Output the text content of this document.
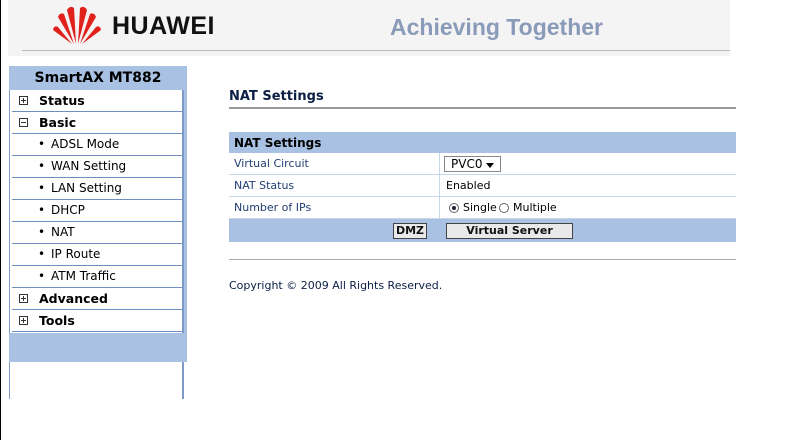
HUAWEI	Achieving Together
SmartAX MT882
Status
Basic
• ADSL Mode
• WAN Setting
• LAN Setting
• DHCP
• NAT
• IP Route
• ATM Traffic
Advanced
Tools
NAT Settings
NAT Settings
Virtual Circuit	PVC0
NAT Status	Enabled
Number of IPs	Single Multiple
DMZ	Virtual Server
Copyright © 2009 All Rights Reserved.
